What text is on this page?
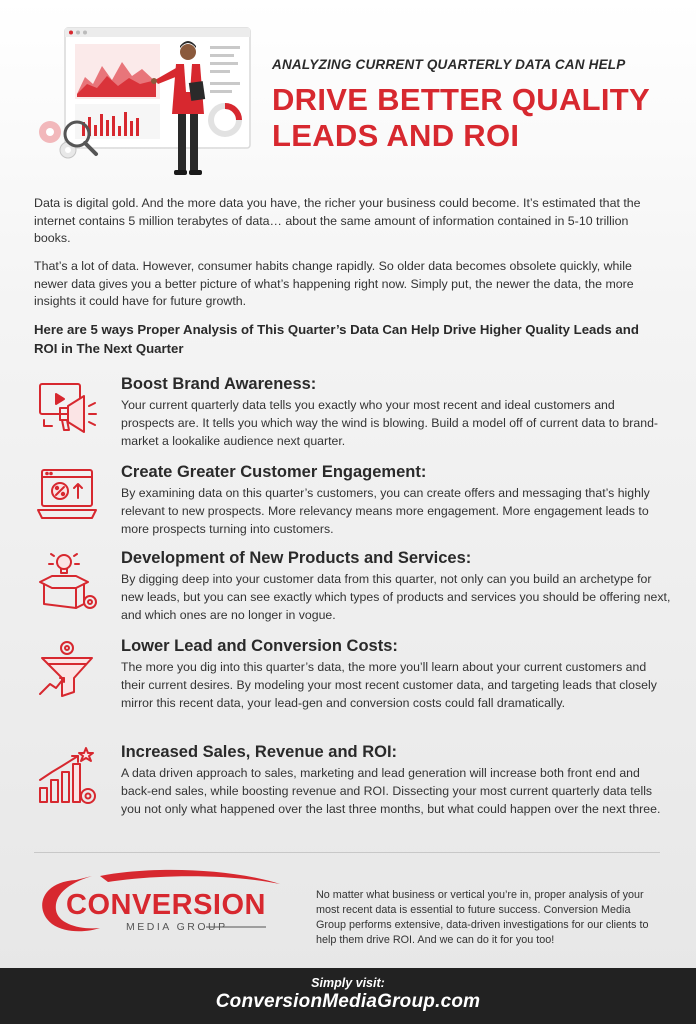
ANALYZING CURRENT QUARTERLY DATA CAN HELP
DRIVE BETTER QUALITY
LEADS AND ROI

Data is digital gold. And the more data you have, the richer your business could become. It’s estimated that the internet contains 5 million terabytes of data… about the same amount of information contained in 5-10 trillion books.

That’s a lot of data. However, consumer habits change rapidly. So older data becomes obsolete quickly, while newer data gives you a better picture of what’s happening right now. Simply put, the newer the data, the more insights it could have for future growth.

Here are 5 ways Proper Analysis of This Quarter’s Data Can Help Drive Higher Quality Leads and ROI in The Next Quarter
Boost Brand Awareness:
Your current quarterly data tells you exactly who your most recent and ideal customers and prospects are. It tells you which way the wind is blowing. Build a model off of current data to brand-market a lookalike audience next quarter.
Create Greater Customer Engagement:
By examining data on this quarter’s customers, you can create offers and messaging that’s highly relevant to new prospects. More relevancy means more engagement. More engagement leads to more prospects turning into customers.
Development of New Products and Services:
By digging deep into your customer data from this quarter, not only can you build an archetype for new leads, but you can see exactly which types of products and services you should be offering next, and which ones are no longer in vogue.
Lower Lead and Conversion Costs:
The more you dig into this quarter’s data, the more you’ll learn about your current customers and their current desires. By modeling your most recent customer data, and targeting leads that closely mirror this recent data, your lead-gen and conversion costs could fall dramatically.
Increased Sales, Revenue and ROI:
A data driven approach to sales, marketing and lead generation will increase both front end and back-end sales, while boosting revenue and ROI. Dissecting your most current quarterly data tells you not only what happened over the last three months, but what could happen over the next three.
CONVERSION
MEDIA GROUP
No matter what business or vertical you’re in, proper analysis of your most recent data is essential to future success. Conversion Media Group performs extensive, data-driven investigations for our clients to help them drive ROI. And we can do it for you too!
Simply visit:
ConversionMediaGroup.com
